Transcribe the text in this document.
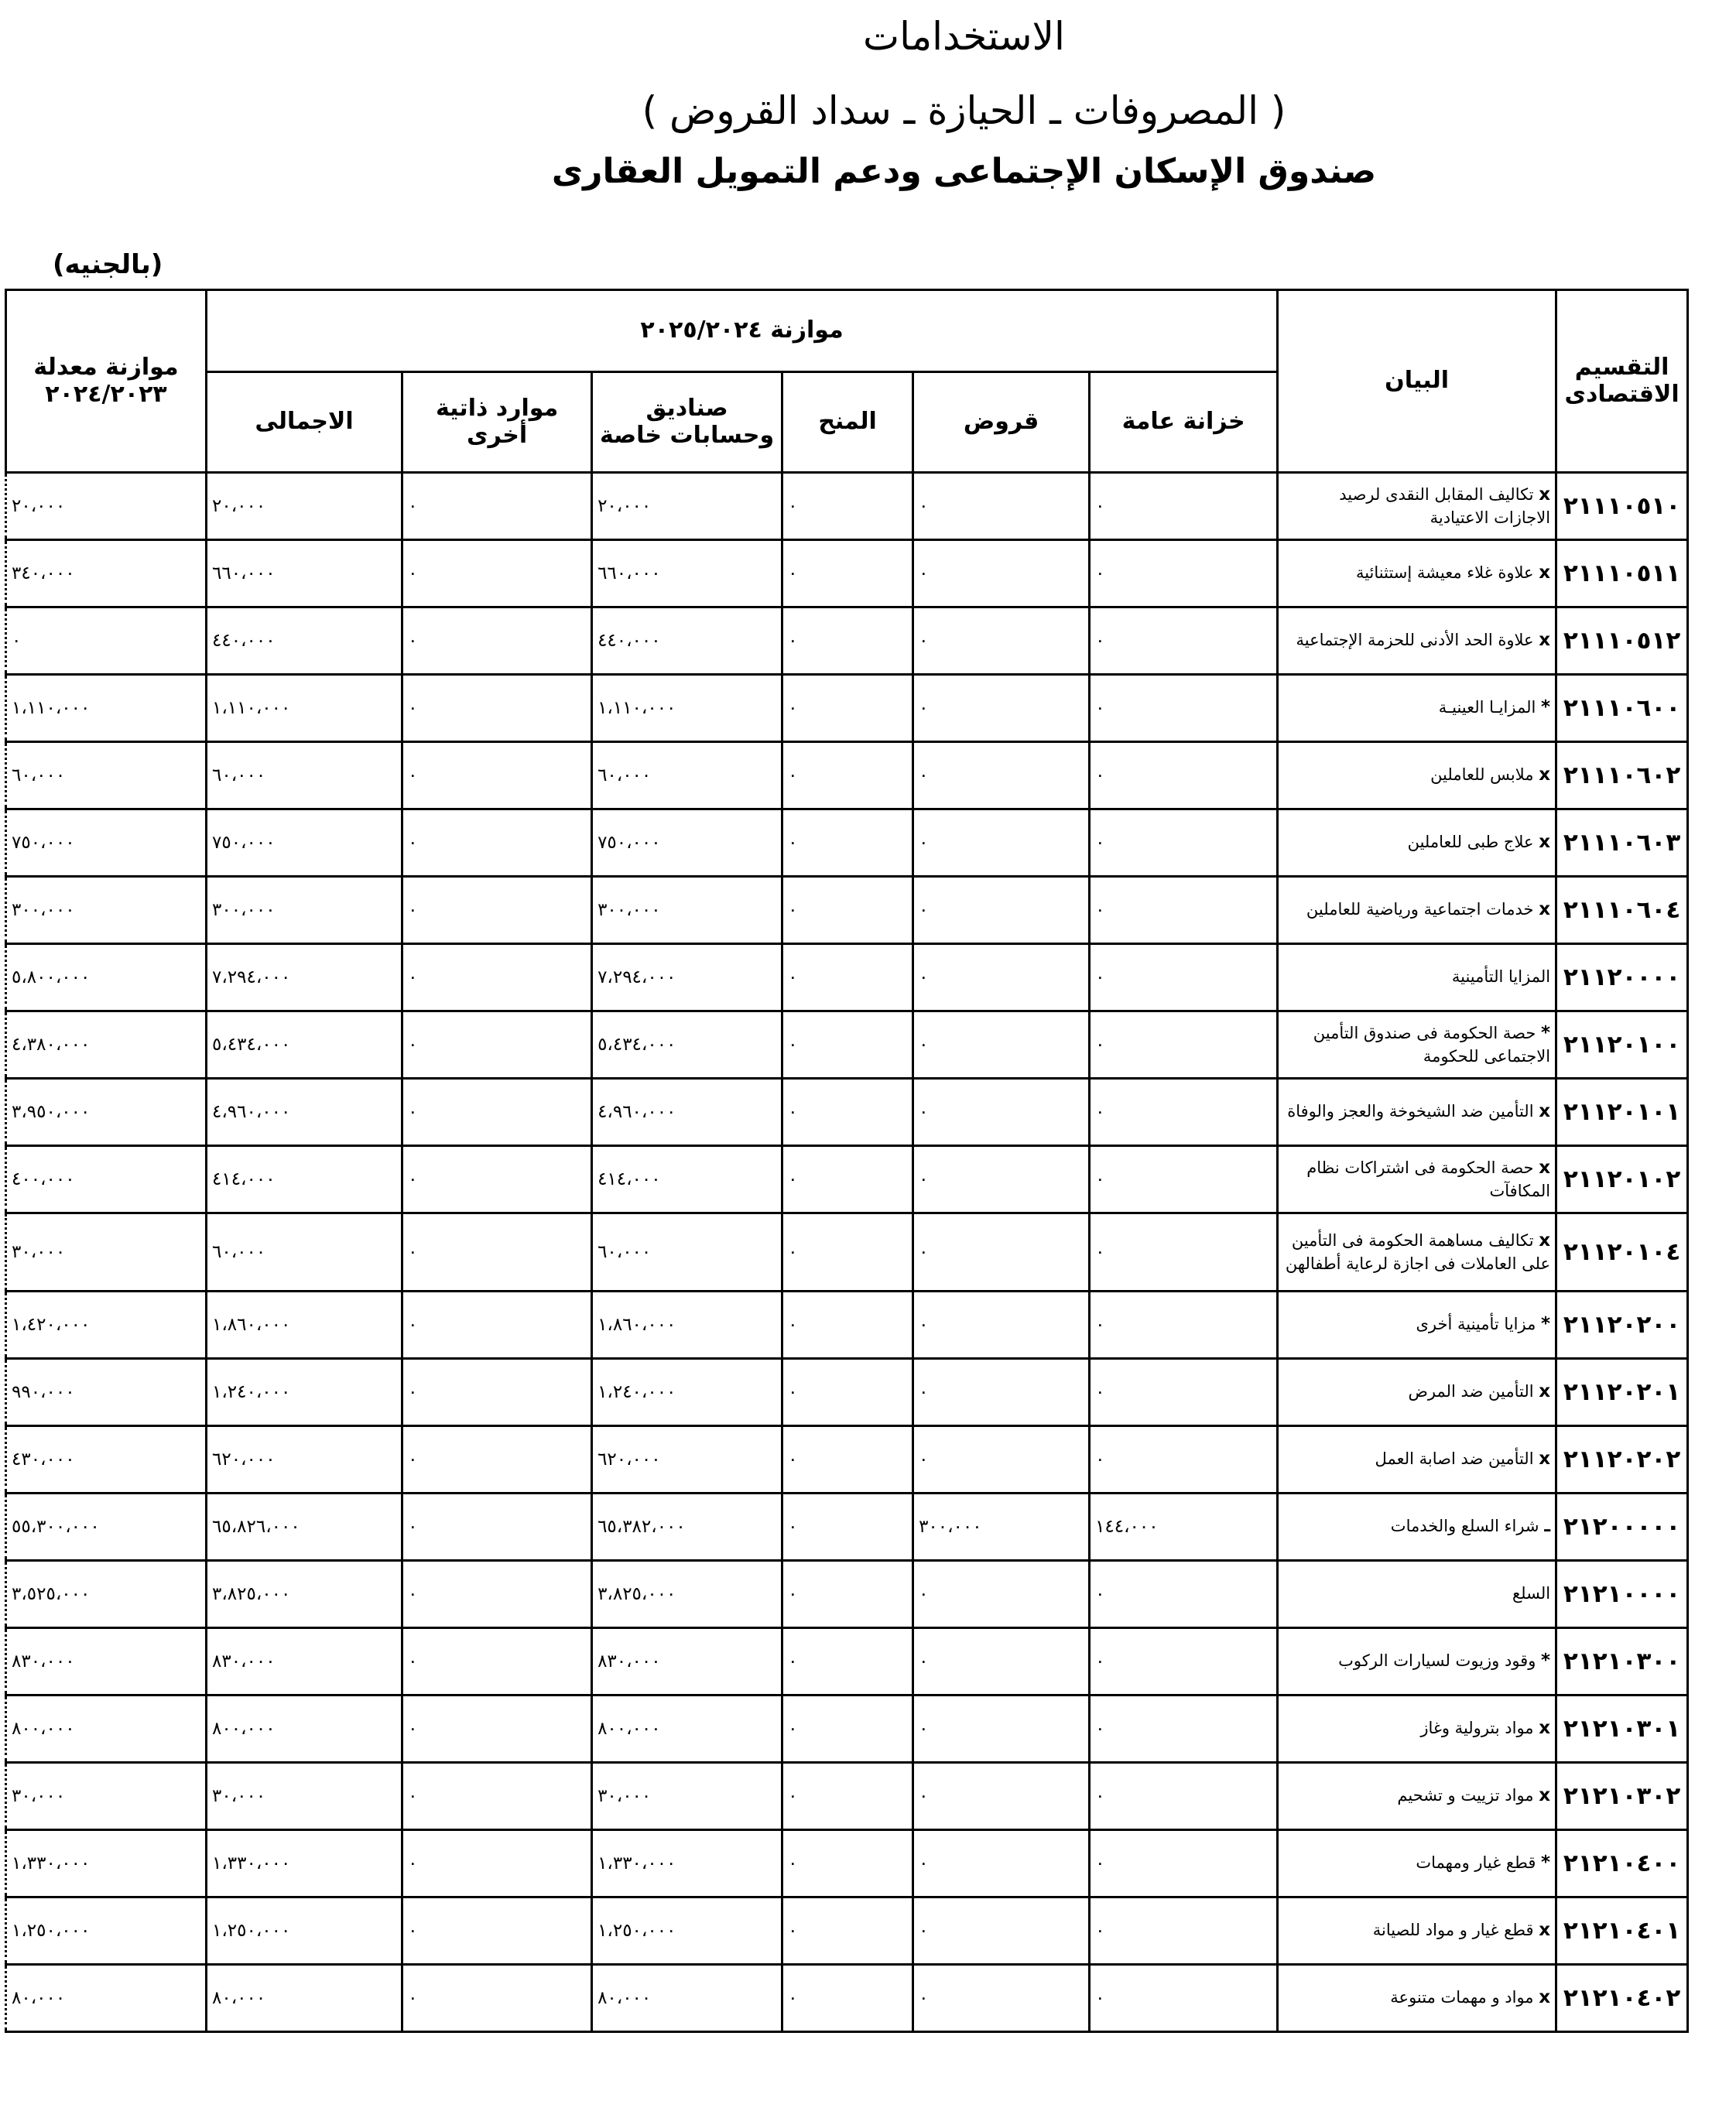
الاستخدامات
( المصروفات ـ الحيازة ـ سداد القروض )
صندوق الإسكان الإجتماعى ودعم التمويل العقارى
(بالجنيه)
التقسيم الاقتصادى	البيان	موازنة ٢٠٢٥/٢٠٢٤						موازنة معدلة ٢٠٢٤/٢٠٢٣
		خزانة عامة	قروض	المنح	صناديق وحسابات خاصة	موارد ذاتية أخرى	الاجمالى	
٢١١١٠٥١٠	x تكاليف المقابل النقدى لرصيد الاجازات الاعتيادية	٠	٠	٠	٢٠،٠٠٠	٠	٢٠،٠٠٠	٢٠،٠٠٠
٢١١١٠٥١١	x علاوة غلاء معيشة إستثنائية	٠	٠	٠	٦٦٠،٠٠٠	٠	٦٦٠،٠٠٠	٣٤٠،٠٠٠
٢١١١٠٥١٢	x علاوة الحد الأدنى للحزمة الإجتماعية	٠	٠	٠	٤٤٠،٠٠٠	٠	٤٤٠،٠٠٠	٠
٢١١١٠٦٠٠	* المزايـا العينيـة	٠	٠	٠	١،١١٠،٠٠٠	٠	١،١١٠،٠٠٠	١،١١٠،٠٠٠
٢١١١٠٦٠٢	x ملابس للعاملين	٠	٠	٠	٦٠،٠٠٠	٠	٦٠،٠٠٠	٦٠،٠٠٠
٢١١١٠٦٠٣	x علاج طبى للعاملين	٠	٠	٠	٧٥٠،٠٠٠	٠	٧٥٠،٠٠٠	٧٥٠،٠٠٠
٢١١١٠٦٠٤	x خدمات اجتماعية ورياضية للعاملين	٠	٠	٠	٣٠٠،٠٠٠	٠	٣٠٠،٠٠٠	٣٠٠،٠٠٠
٢١١٢٠٠٠٠	المزايا التأمينية	٠	٠	٠	٧،٢٩٤،٠٠٠	٠	٧،٢٩٤،٠٠٠	٥،٨٠٠،٠٠٠
٢١١٢٠١٠٠	* حصة الحكومة فى صندوق التأمين الاجتماعى للحكومة	٠	٠	٠	٥،٤٣٤،٠٠٠	٠	٥،٤٣٤،٠٠٠	٤،٣٨٠،٠٠٠
٢١١٢٠١٠١	x التأمين ضد الشيخوخة والعجز والوفاة	٠	٠	٠	٤،٩٦٠،٠٠٠	٠	٤،٩٦٠،٠٠٠	٣،٩٥٠،٠٠٠
٢١١٢٠١٠٢	x حصة الحكومة فى اشتراكات نظام المكافآت	٠	٠	٠	٤١٤،٠٠٠	٠	٤١٤،٠٠٠	٤٠٠،٠٠٠
٢١١٢٠١٠٤	x تكاليف مساهمة الحكومة فى التأمين على العاملات فى اجازة لرعاية أطفالهن	٠	٠	٠	٦٠،٠٠٠	٠	٦٠،٠٠٠	٣٠،٠٠٠
٢١١٢٠٢٠٠	* مزايا تأمينية أخرى	٠	٠	٠	١،٨٦٠،٠٠٠	٠	١،٨٦٠،٠٠٠	١،٤٢٠،٠٠٠
٢١١٢٠٢٠١	x التأمين ضد المرض	٠	٠	٠	١،٢٤٠،٠٠٠	٠	١،٢٤٠،٠٠٠	٩٩٠،٠٠٠
٢١١٢٠٢٠٢	x التأمين ضد اصابة العمل	٠	٠	٠	٦٢٠،٠٠٠	٠	٦٢٠،٠٠٠	٤٣٠،٠٠٠
٢١٢٠٠٠٠٠	ـ شراء السلع والخدمات	١٤٤،٠٠٠	٣٠٠،٠٠٠	٠	٦٥،٣٨٢،٠٠٠	٠	٦٥،٨٢٦،٠٠٠	٥٥،٣٠٠،٠٠٠
٢١٢١٠٠٠٠	السلع	٠	٠	٠	٣،٨٢٥،٠٠٠	٠	٣،٨٢٥،٠٠٠	٣،٥٢٥،٠٠٠
٢١٢١٠٣٠٠	* وقود وزيوت لسيارات الركوب	٠	٠	٠	٨٣٠،٠٠٠	٠	٨٣٠،٠٠٠	٨٣٠،٠٠٠
٢١٢١٠٣٠١	x مواد بترولية وغاز	٠	٠	٠	٨٠٠،٠٠٠	٠	٨٠٠،٠٠٠	٨٠٠،٠٠٠
٢١٢١٠٣٠٢	x مواد تزييت و تشحيم	٠	٠	٠	٣٠،٠٠٠	٠	٣٠،٠٠٠	٣٠،٠٠٠
٢١٢١٠٤٠٠	* قطع غيار ومهمات	٠	٠	٠	١،٣٣٠،٠٠٠	٠	١،٣٣٠،٠٠٠	١،٣٣٠،٠٠٠
٢١٢١٠٤٠١	x قطع غيار و مواد للصيانة	٠	٠	٠	١،٢٥٠،٠٠٠	٠	١،٢٥٠،٠٠٠	١،٢٥٠،٠٠٠
٢١٢١٠٤٠٢	x مواد و مهمات متنوعة	٠	٠	٠	٨٠،٠٠٠	٠	٨٠،٠٠٠	٨٠،٠٠٠
